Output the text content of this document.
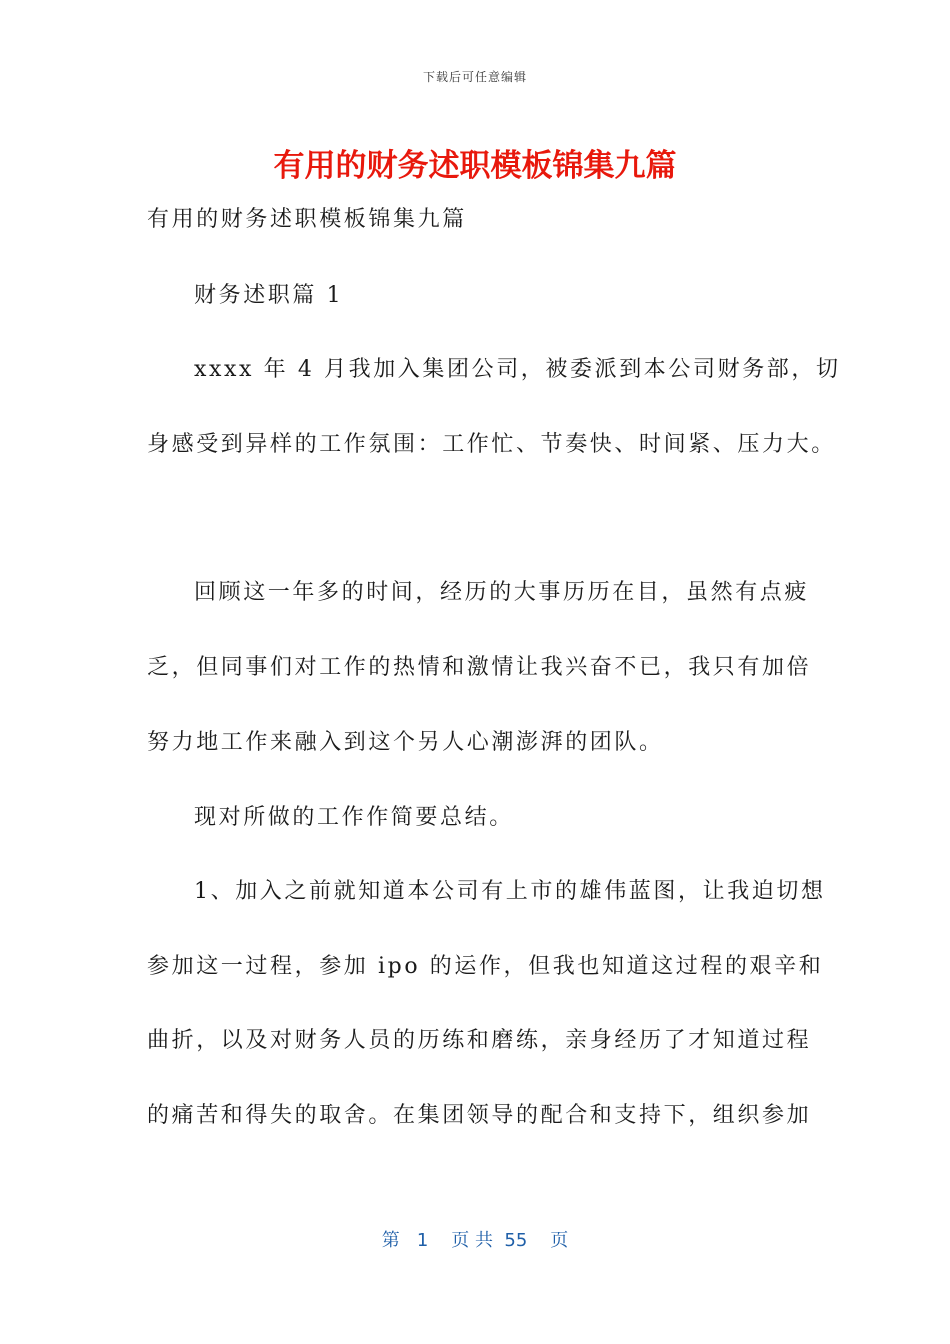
下载后可任意编辑
有用的财务述职模板锦集九篇

有用的财务述职模板锦集九篇

财务述职篇 1

xxxx 年 4 月我加入集团公司，被委派到本公司财务部，切

身感受到异样的工作氛围：工作忙、节奏快、时间紧、压力大。

回顾这一年多的时间，经历的大事历历在目，虽然有点疲

乏，但同事们对工作的热情和激情让我兴奋不已，我只有加倍

努力地工作来融入到这个另人心潮澎湃的团队。

现对所做的工作作简要总结。

1、加入之前就知道本公司有上市的雄伟蓝图，让我迫切想

参加这一过程，参加 ipo 的运作，但我也知道这过程的艰辛和

曲折，以及对财务人员的历练和磨练，亲身经历了才知道过程

的痛苦和得失的取舍。在集团领导的配合和支持下，组织参加

第   1    页 共  55    页
